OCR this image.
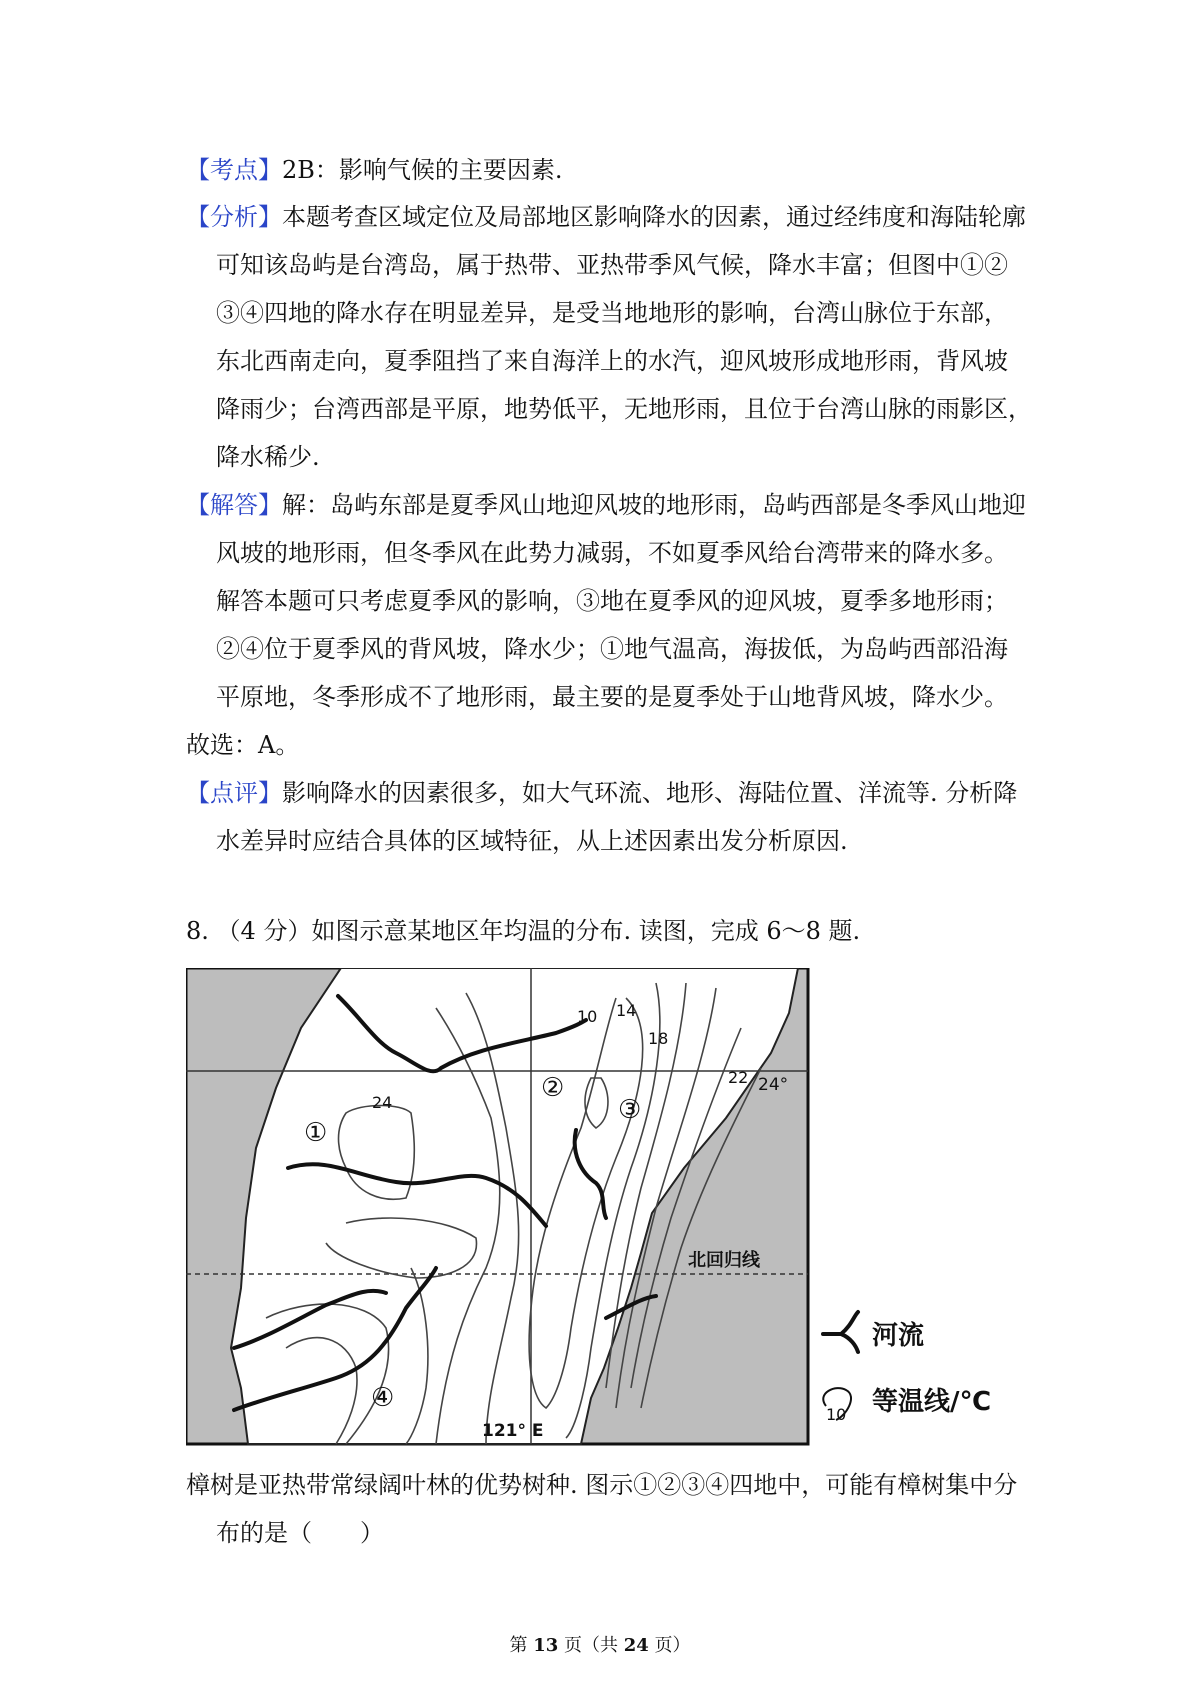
【考点】2B：影响气候的主要因素.
【分析】本题考查区域定位及局部地区影响降水的因素，通过经纬度和海陆轮廓
可知该岛屿是台湾岛，属于热带、亚热带季风气候，降水丰富；但图中①②
③④四地的降水存在明显差异，是受当地地形的影响，台湾山脉位于东部，
东北西南走向，夏季阻挡了来自海洋上的水汽，迎风坡形成地形雨，背风坡
降雨少；台湾西部是平原，地势低平，无地形雨，且位于台湾山脉的雨影区，
降水稀少.
【解答】解：岛屿东部是夏季风山地迎风坡的地形雨，岛屿西部是冬季风山地迎
风坡的地形雨，但冬季风在此势力减弱，不如夏季风给台湾带来的降水多。
解答本题可只考虑夏季风的影响，③地在夏季风的迎风坡，夏季多地形雨；
②④位于夏季风的背风坡，降水少；①地气温高，海拔低，为岛屿西部沿海
平原地，冬季形成不了地形雨，最主要的是夏季处于山地背风坡，降水少。
故选：A。
【点评】影响降水的因素很多，如大气环流、地形、海陆位置、洋流等. 分析降
水差异时应结合具体的区域特征，从上述因素出发分析原因.
8. （4 分）如图示意某地区年均温的分布. 读图，完成 6～8 题.
10 14
18
22
24
24°
121° E
北回归线
①
②
③
④
河流
10 等温线/℃
樟树是亚热带常绿阔叶林的优势树种. 图示①②③④四地中，可能有樟树集中分
布的是（　　）
第 13 页（共 24 页）
